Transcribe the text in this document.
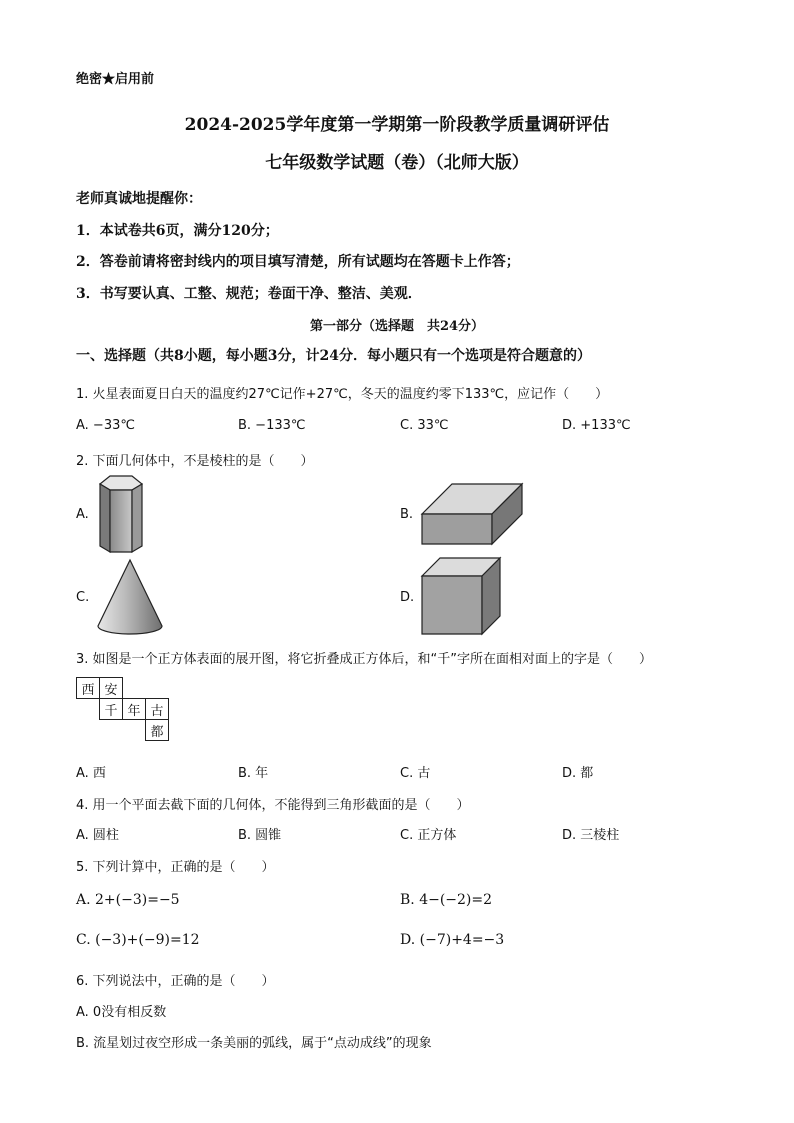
绝密★启用前
2024-2025学年度第一学期第一阶段教学质量调研评估
七年级数学试题（卷）（北师大版）
老师真诚地提醒你：
1．本试卷共6页，满分120分；
2．答卷前请将密封线内的项目填写清楚，所有试题均在答题卡上作答；
3．书写要认真、工整、规范；卷面干净、整洁、美观．
第一部分（选择题　共24分）
一、选择题（共8小题，每小题3分，计24分．每小题只有一个选项是符合题意的）
1. 火星表面夏日白天的温度约27℃记作+27℃，冬天的温度约零下133℃，应记作（　　）
A. −33℃	B. −133℃	C. 33℃	D. +133℃
2. 下面几何体中，不是棱柱的是（　　）
A.	B.
C.	D.
3. 如图是一个正方体表面的展开图，将它折叠成正方体后，和“千”字所在面相对面上的字是（　　）
西	安		
	千	年	古
			都
A. 西	B. 年	C. 古	D. 都
4. 用一个平面去截下面的几何体，不能得到三角形截面的是（　　）
A. 圆柱	B. 圆锥	C. 正方体	D. 三棱柱
5. 下列计算中，正确的是（　　）
A. 2+(−3)=−5	B. 4−(−2)=2
C. (−3)+(−9)=12	D. (−7)+4=−3
6. 下列说法中，正确的是（　　）
A. 0没有相反数
B. 流星划过夜空形成一条美丽的弧线，属于“点动成线”的现象
